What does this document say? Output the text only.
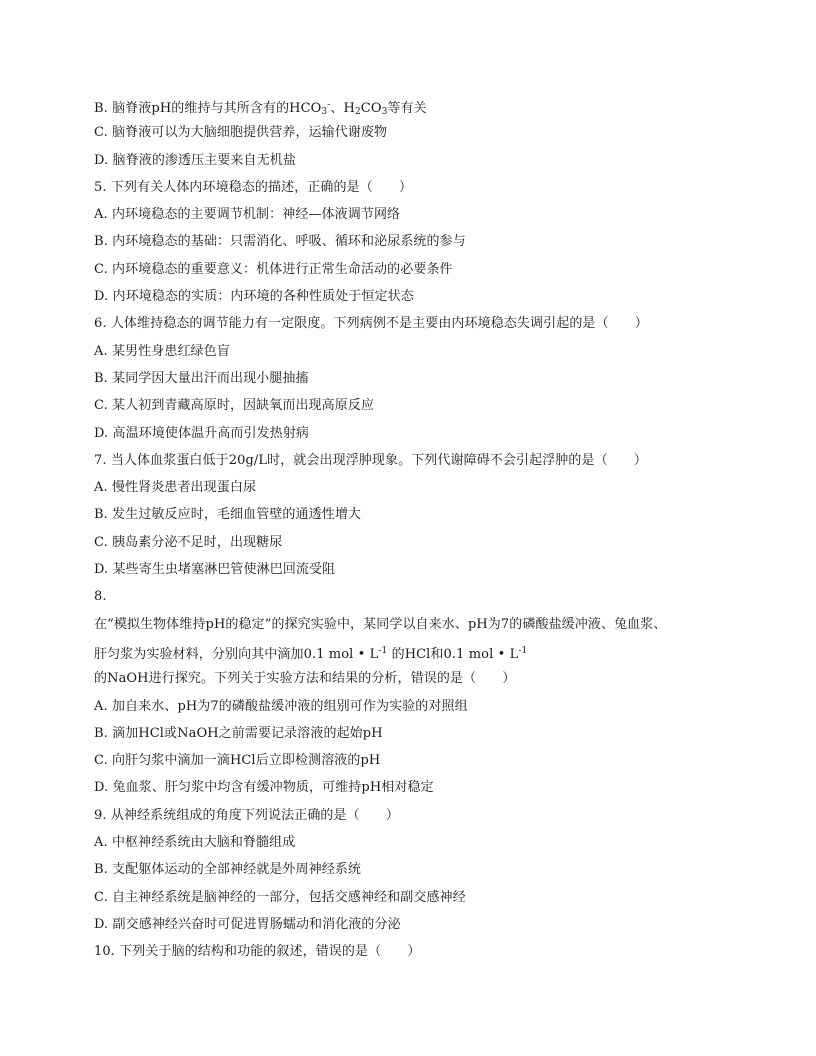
B. 脑脊液pH的维持与其所含有的$HCO_3^-$、$H_2CO_3$等有关
C. 脑脊液可以为大脑细胞提供营养，运输代谢废物
D. 脑脊液的渗透压主要来自无机盐
5. 下列有关人体内环境稳态的描述，正确的是（　　）
A. 内环境稳态的主要调节机制：神经—体液调节网络
B. 内环境稳态的基础：只需消化、呼吸、循环和泌尿系统的参与
C. 内环境稳态的重要意义：机体进行正常生命活动的必要条件
D. 内环境稳态的实质：内环境的各种性质处于恒定状态
6. 人体维持稳态的调节能力有一定限度。下列病例不是主要由内环境稳态失调引起的是（　　）
A. 某男性身患红绿色盲
B. 某同学因大量出汗而出现小腿抽搐
C. 某人初到青藏高原时，因缺氧而出现高原反应
D. 高温环境使体温升高而引发热射病
7. 当人体血浆蛋白低于20g/L时，就会出现浮肿现象。下列代谢障碍不会引起浮肿的是（　　）
A. 慢性肾炎患者出现蛋白尿
B. 发生过敏反应时，毛细血管壁的通透性增大
C. 胰岛素分泌不足时，出现糖尿
D. 某些寄生虫堵塞淋巴管使淋巴回流受阻
8.
在“模拟生物体维持pH的稳定”的探究实验中，某同学以自来水、pH为7的磷酸盐缓冲液、兔血浆、
肝匀浆为实验材料，分别向其中滴加0.1 mol • $L^{-1}$ 的HCl和0.1 mol • $L^{-1}$
的NaOH进行探究。下列关于实验方法和结果的分析，错误的是（　　）
A. 加自来水、pH为7的磷酸盐缓冲液的组别可作为实验的对照组
B. 滴加HCl或NaOH之前需要记录溶液的起始pH
C. 向肝匀浆中滴加一滴HCl后立即检测溶液的pH
D. 兔血浆、肝匀浆中均含有缓冲物质，可维持pH相对稳定
9. 从神经系统组成的角度下列说法正确的是（　　）
A. 中枢神经系统由大脑和脊髓组成
B. 支配躯体运动的全部神经就是外周神经系统
C. 自主神经系统是脑神经的一部分，包括交感神经和副交感神经
D. 副交感神经兴奋时可促进胃肠蠕动和消化液的分泌
10. 下列关于脑的结构和功能的叙述，错误的是（　　）
